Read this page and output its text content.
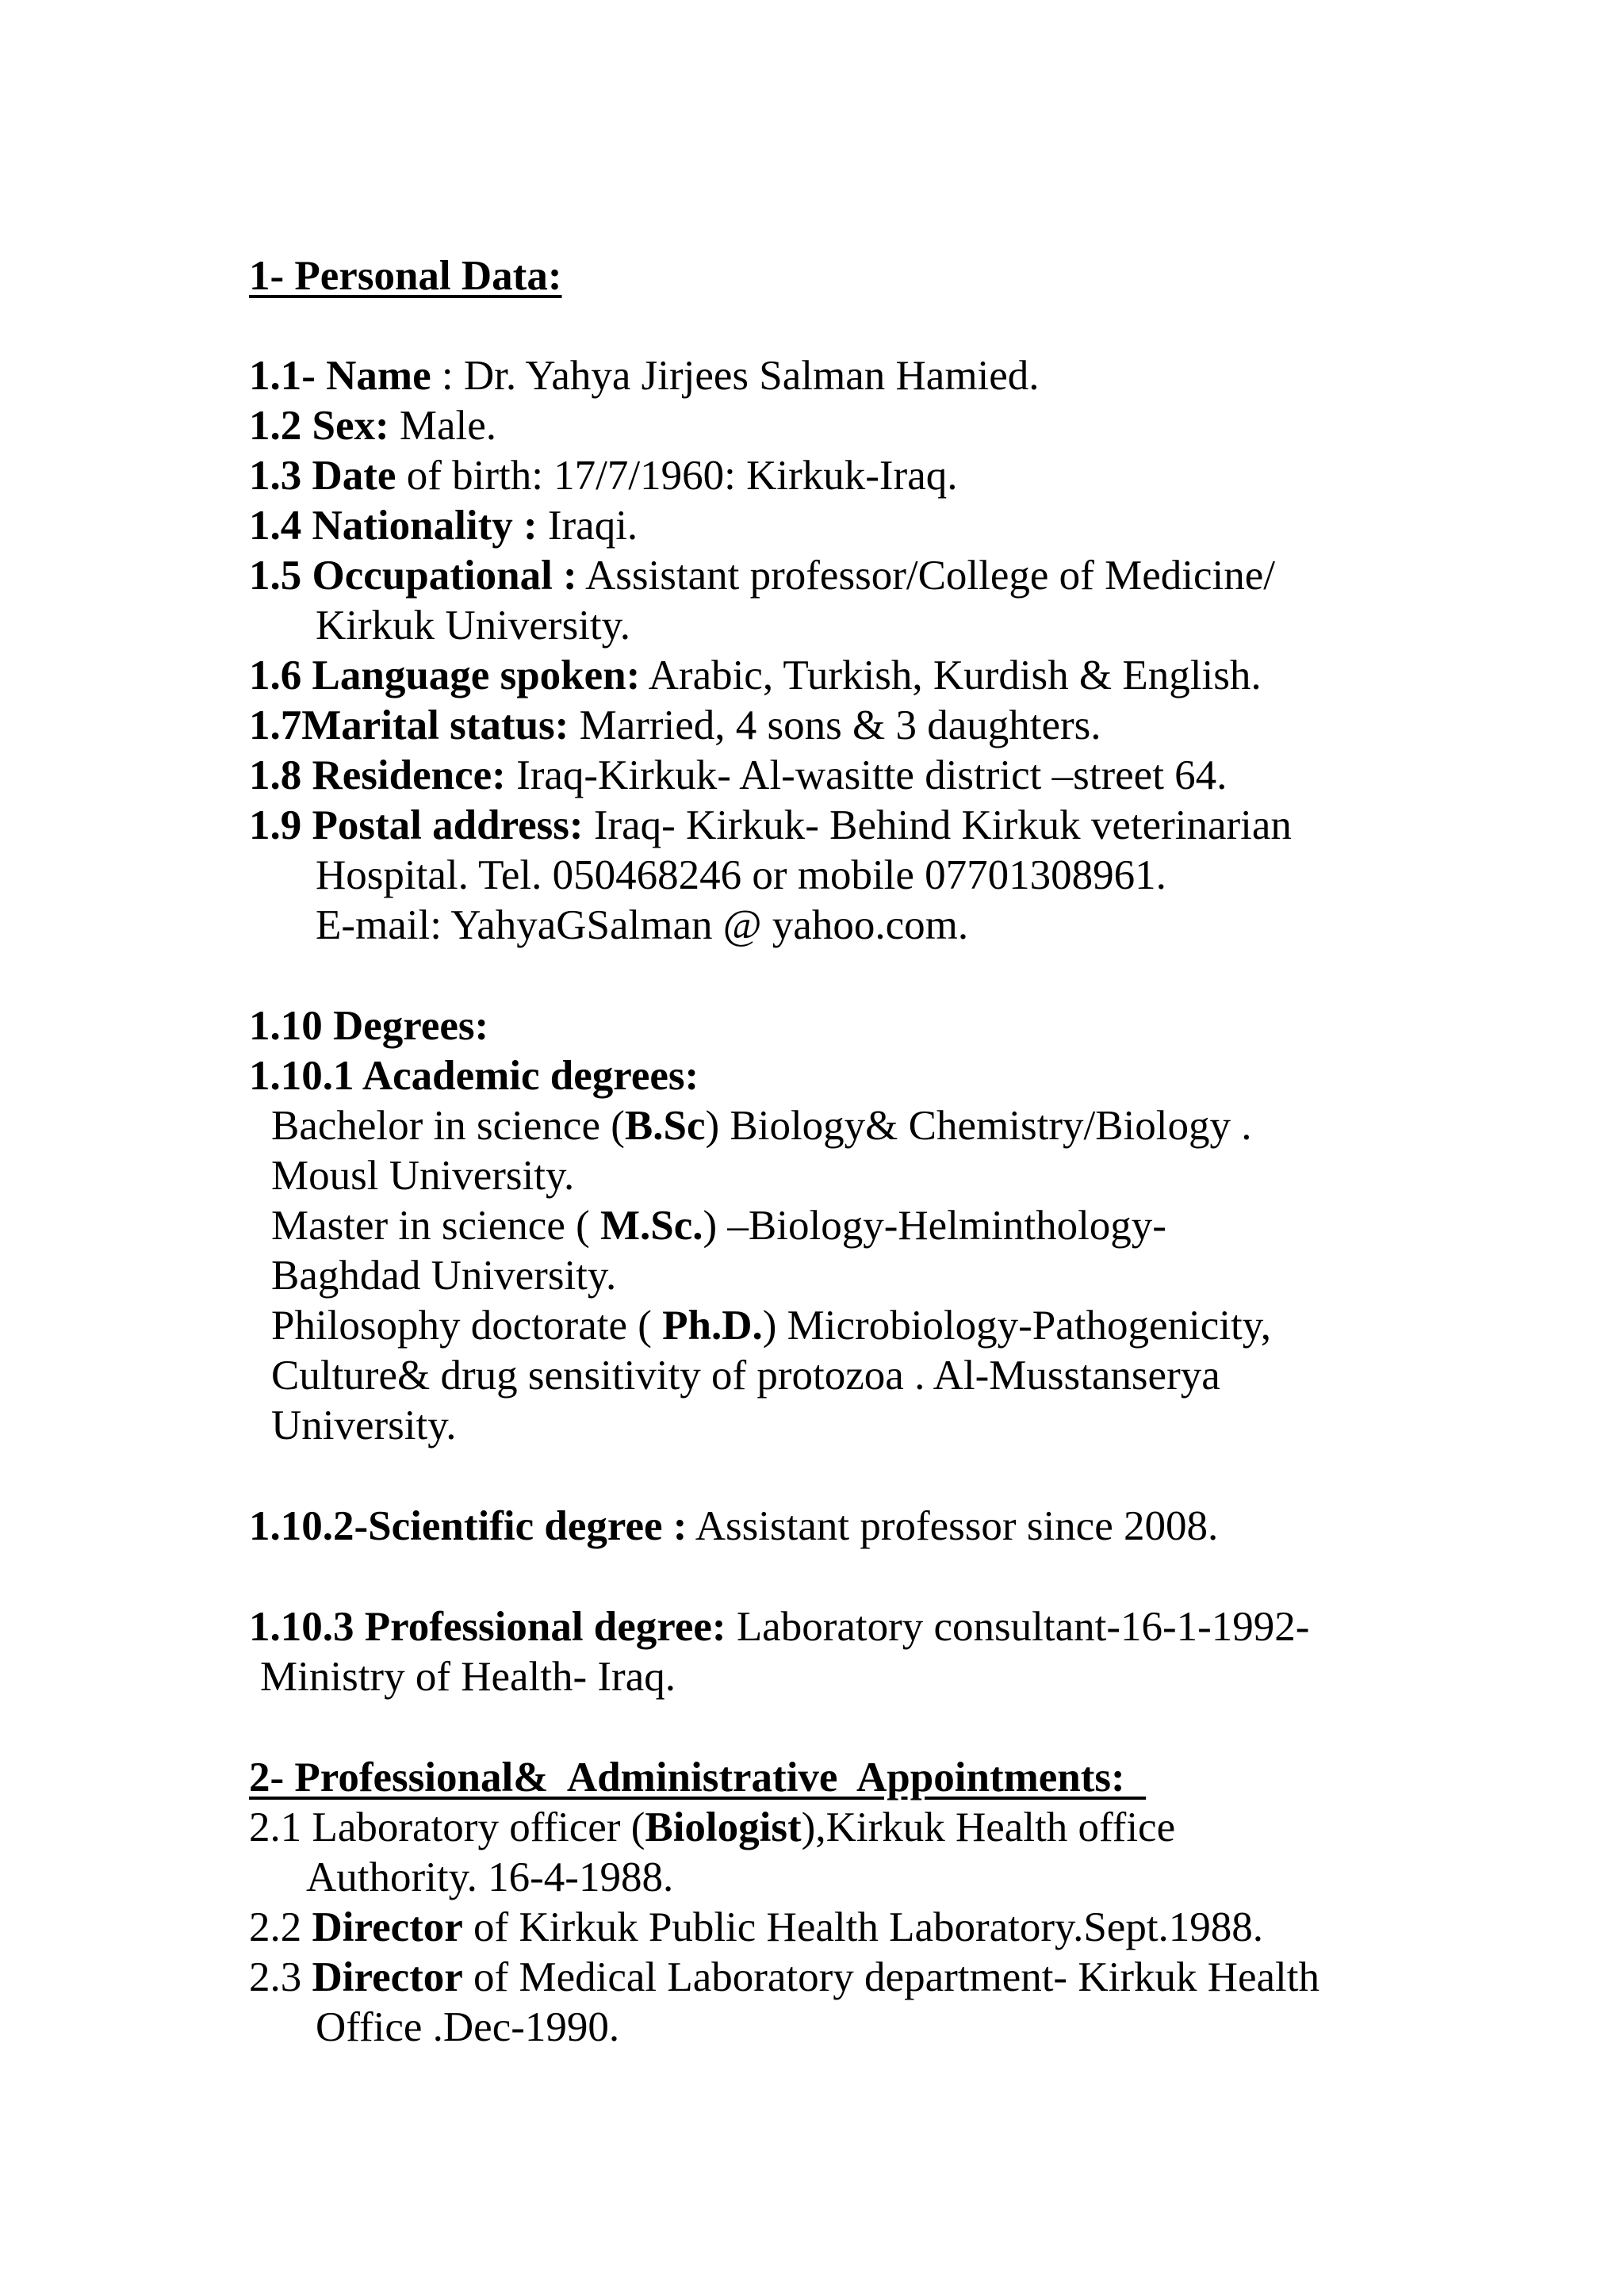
1- Personal Data:
1.1- Name : Dr. Yahya Jirjees Salman Hamied.
1.2 Sex: Male.
1.3 Date of birth: 17/7/1960: Kirkuk-Iraq.
1.4 Nationality : Iraqi.
1.5 Occupational : Assistant professor/College of Medicine/
Kirkuk University.
1.6 Language spoken: Arabic, Turkish, Kurdish & English.
1.7Marital status: Married, 4 sons & 3 daughters.
1.8 Residence: Iraq-Kirkuk- Al-wasitte district –street 64.
1.9 Postal address: Iraq- Kirkuk- Behind Kirkuk veterinarian
Hospital. Tel. 050468246 or mobile 07701308961.
E-mail: YahyaGSalman @ yahoo.com.
1.10 Degrees:
1.10.1 Academic degrees:
Bachelor in science (B.Sc) Biology& Chemistry/Biology .
Mousl University.
Master in science ( M.Sc.) –Biology-Helminthology-
Baghdad University.
Philosophy doctorate ( Ph.D.) Microbiology-Pathogenicity,
Culture& drug sensitivity of protozoa . Al-Musstanserya
University.
1.10.2-Scientific degree : Assistant professor since 2008.
1.10.3 Professional degree: Laboratory consultant-16-1-1992-
Ministry of Health- Iraq.
2- Professional&  Administrative  Appointments:
2.1 Laboratory officer (Biologist),Kirkuk Health office
Authority. 16-4-1988.
2.2 Director of Kirkuk Public Health Laboratory.Sept.1988.
2.3 Director of Medical Laboratory department- Kirkuk Health
Office .Dec-1990.
